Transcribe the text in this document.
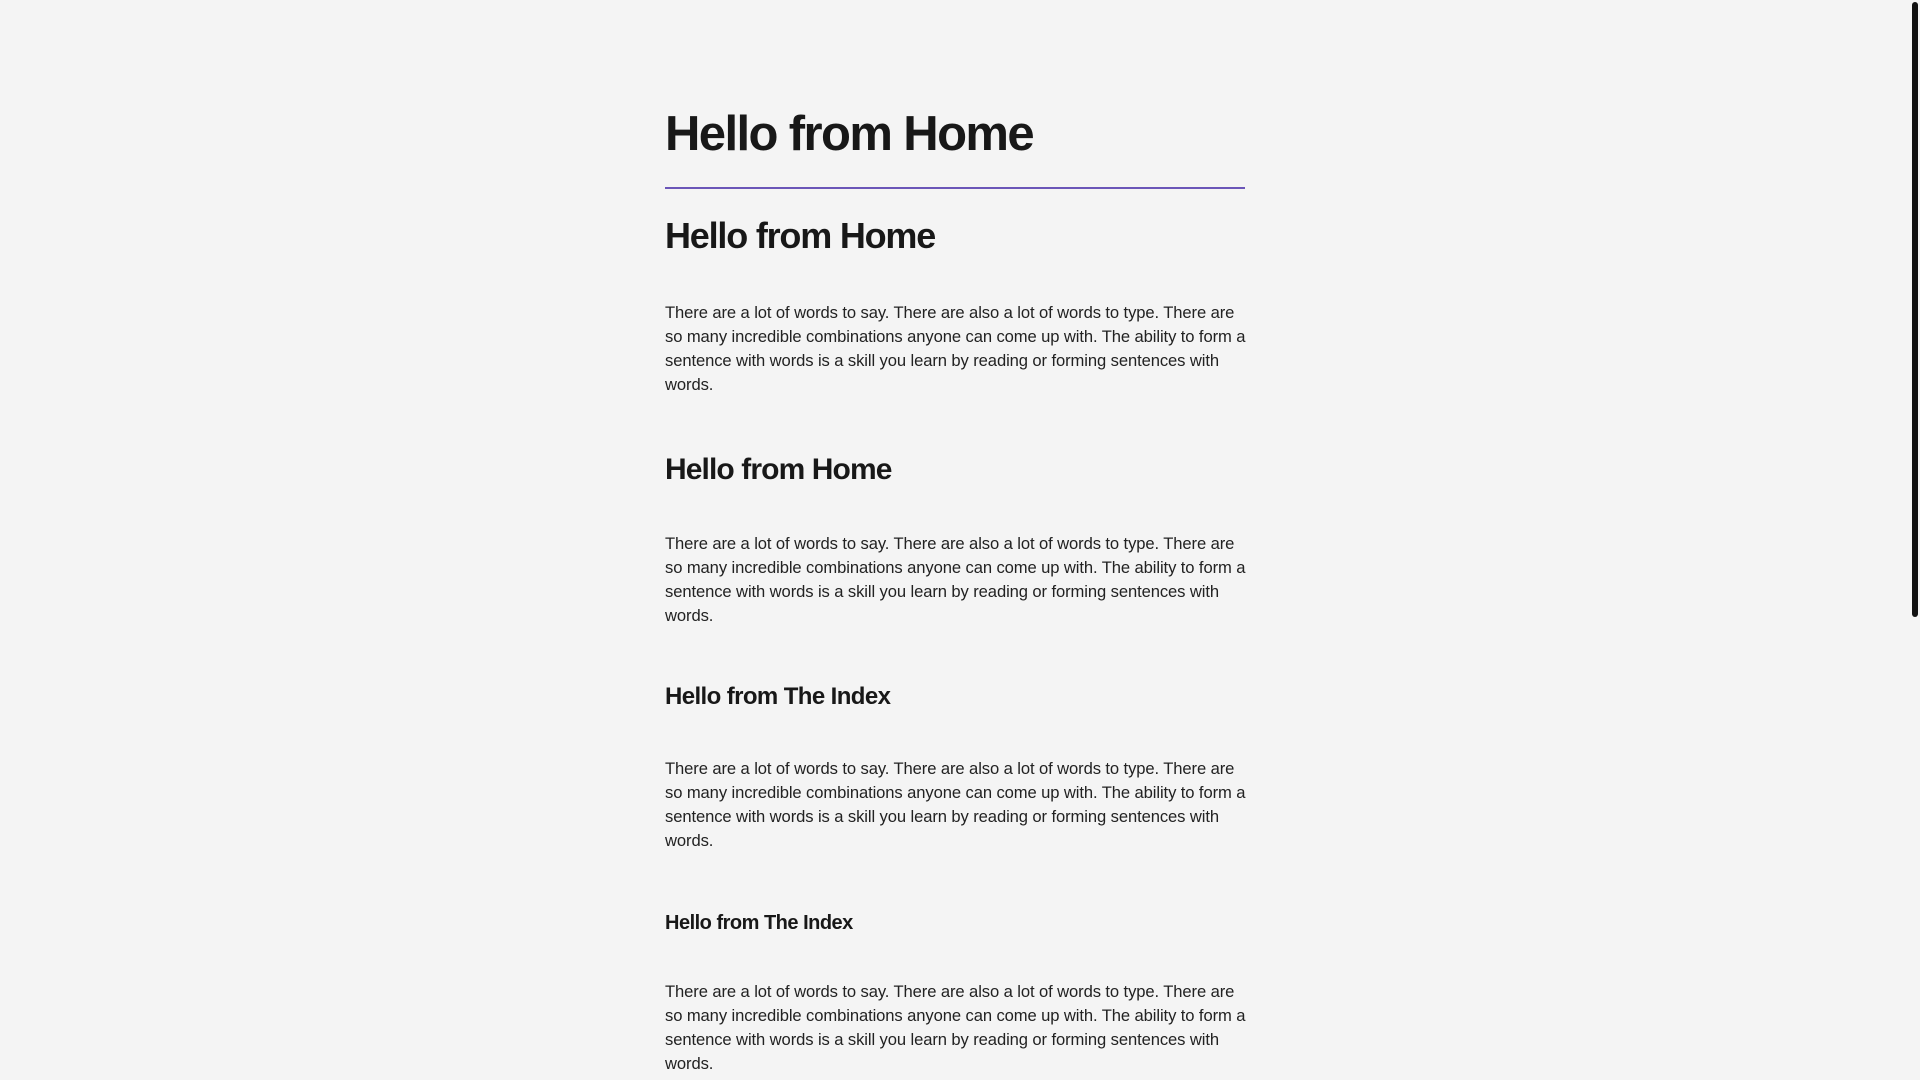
Hello from Home
Hello from Home

There are a lot of words to say. There are also a lot of words to type. There are so many incredible combinations anyone can come up with. The ability to form a sentence with words is a skill you learn by reading or forming sentences with words.

Hello from Home

There are a lot of words to say. There are also a lot of words to type. There are so many incredible combinations anyone can come up with. The ability to form a sentence with words is a skill you learn by reading or forming sentences with words.

Hello from The Index

There are a lot of words to say. There are also a lot of words to type. There are so many incredible combinations anyone can come up with. The ability to form a sentence with words is a skill you learn by reading or forming sentences with words.

Hello from The Index

There are a lot of words to say. There are also a lot of words to type. There are so many incredible combinations anyone can come up with. The ability to form a sentence with words is a skill you learn by reading or forming sentences with words.
